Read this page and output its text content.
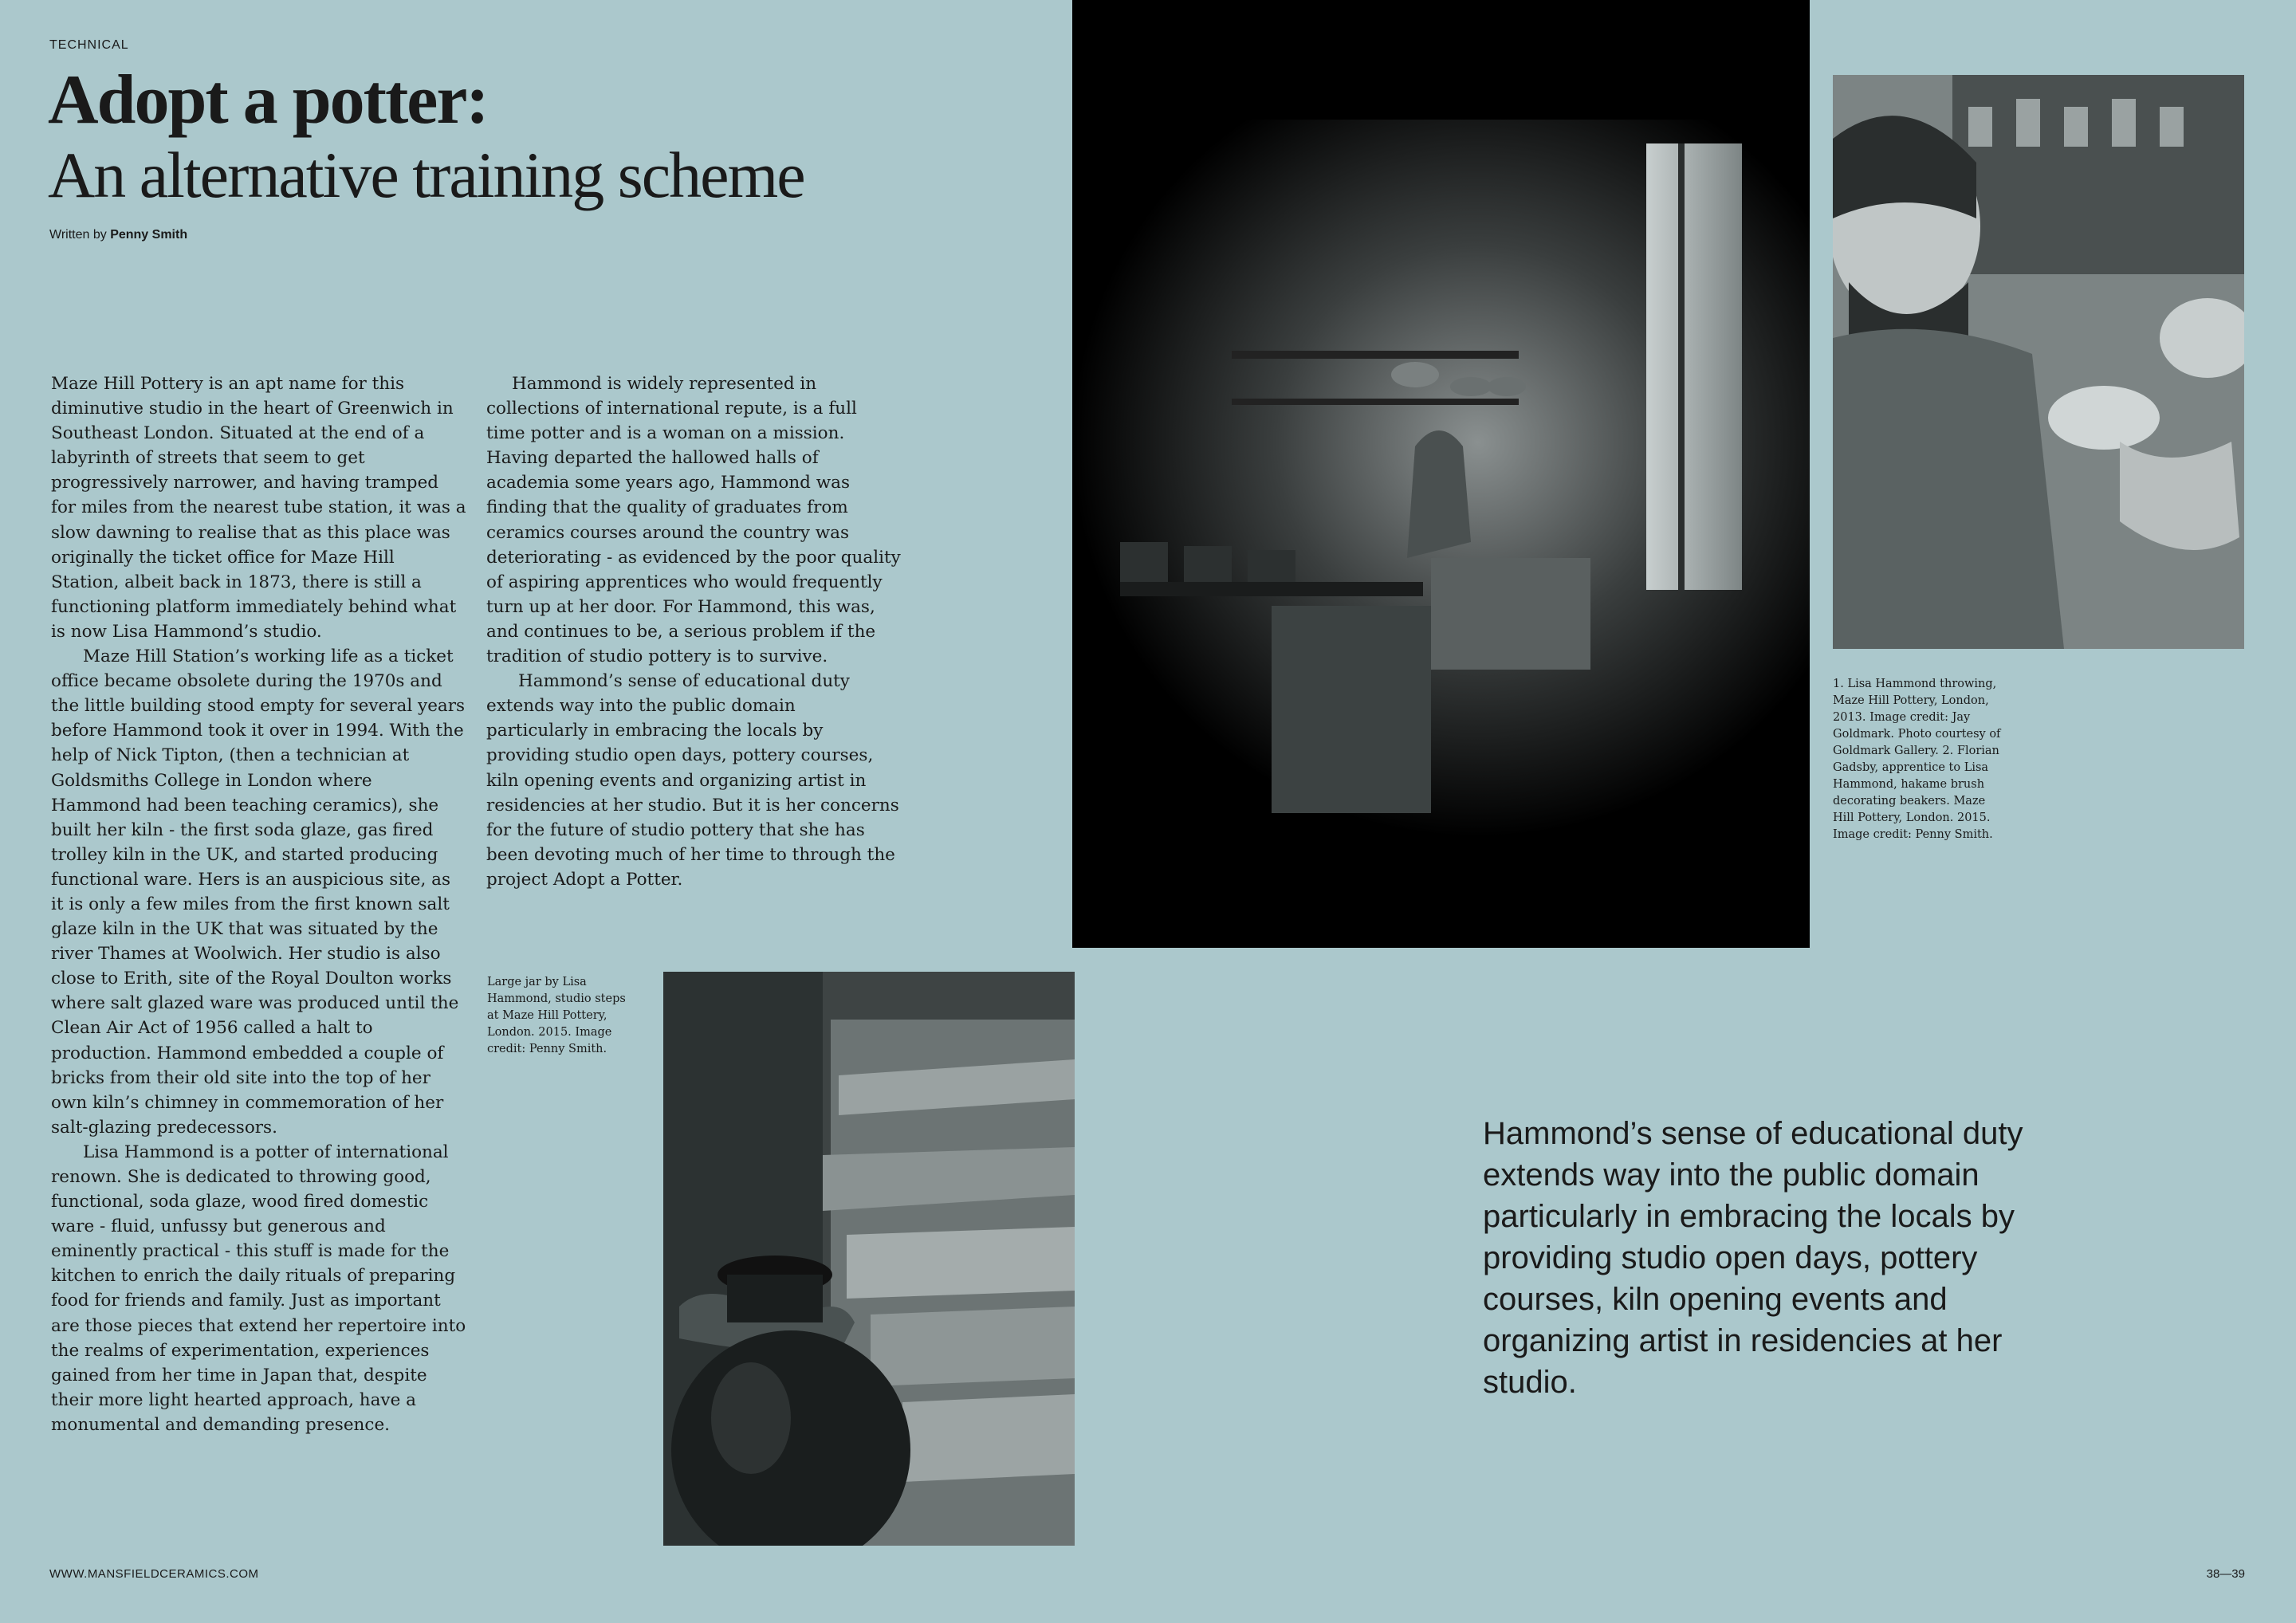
TECHNICAL
Adopt a potter:
An alternative training scheme
Written by Penny Smith

Maze Hill Pottery is an apt name for this diminutive studio in the heart of Greenwich in Southeast London. Situated at the end of a labyrinth of streets that seem to get progressively narrower, and having tramped for miles from the nearest tube station, it was a slow dawning to realise that as this place was originally the ticket office for Maze Hill Station, albeit back in 1873, there is still a functioning platform immediately behind what is now Lisa Hammond’s studio.

Maze Hill Station’s working life as a ticket office became obsolete during the 1970s and the little building stood empty for several years before Hammond took it over in 1994. With the help of Nick Tipton, (then a technician at Goldsmiths College in London where Hammond had been teaching ceramics), she built her kiln - the first soda glaze, gas fired trolley kiln in the UK, and started producing functional ware. Hers is an auspicious site, as it is only a few miles from the first known salt glaze kiln in the UK that was situated by the river Thames at Woolwich. Her studio is also close to Erith, site of the Royal Doulton works where salt glazed ware was produced until the Clean Air Act of 1956 called a halt to production. Hammond embedded a couple of bricks from their old site into the top of her own kiln’s chimney in commemoration of her salt-glazing predecessors.

Lisa Hammond is a potter of international renown. She is dedicated to throwing good, functional, soda glaze, wood fired domestic ware - fluid, unfussy but generous and eminently practical - this stuff is made for the kitchen to enrich the daily rituals of preparing food for friends and family. Just as important are those pieces that extend her repertoire into the realms of experimentation, experiences gained from her time in Japan that, despite their more light hearted approach, have a monumental and demanding presence.

Hammond is widely represented in collections of international repute, is a full time potter and is a woman on a mission. Having departed the hallowed halls of academia some years ago, Hammond was finding that the quality of graduates from ceramics courses around the country was deteriorating - as evidenced by the poor quality of aspiring apprentices who would frequently turn up at her door. For Hammond, this was, and continues to be, a serious problem if the tradition of studio pottery is to survive.

Hammond’s sense of educational duty extends way into the public domain particularly in embracing the locals by providing studio open days, pottery courses, kiln opening events and organizing artist in residencies at her studio. But it is her concerns for the future of studio pottery that she has been devoting much of her time to through the project Adopt a Potter.

1. Lisa Hammond throwing, Maze Hill Pottery, London, 2013. Image credit: Jay Goldmark. Photo courtesy of Goldmark Gallery. 2. Florian Gadsby, apprentice to Lisa Hammond, hakame brush decorating beakers. Maze Hill Pottery, London. 2015. Image credit: Penny Smith.
Large jar by Lisa Hammond, studio steps at Maze Hill Pottery, London. 2015. Image credit: Penny Smith.

Hammond’s sense of educational duty extends way into the public domain particularly in embracing the locals by providing studio open days, pottery courses, kiln opening events and organizing artist in residencies at her studio.

WWW.MANSFIELDCERAMICS.COM	38—39
